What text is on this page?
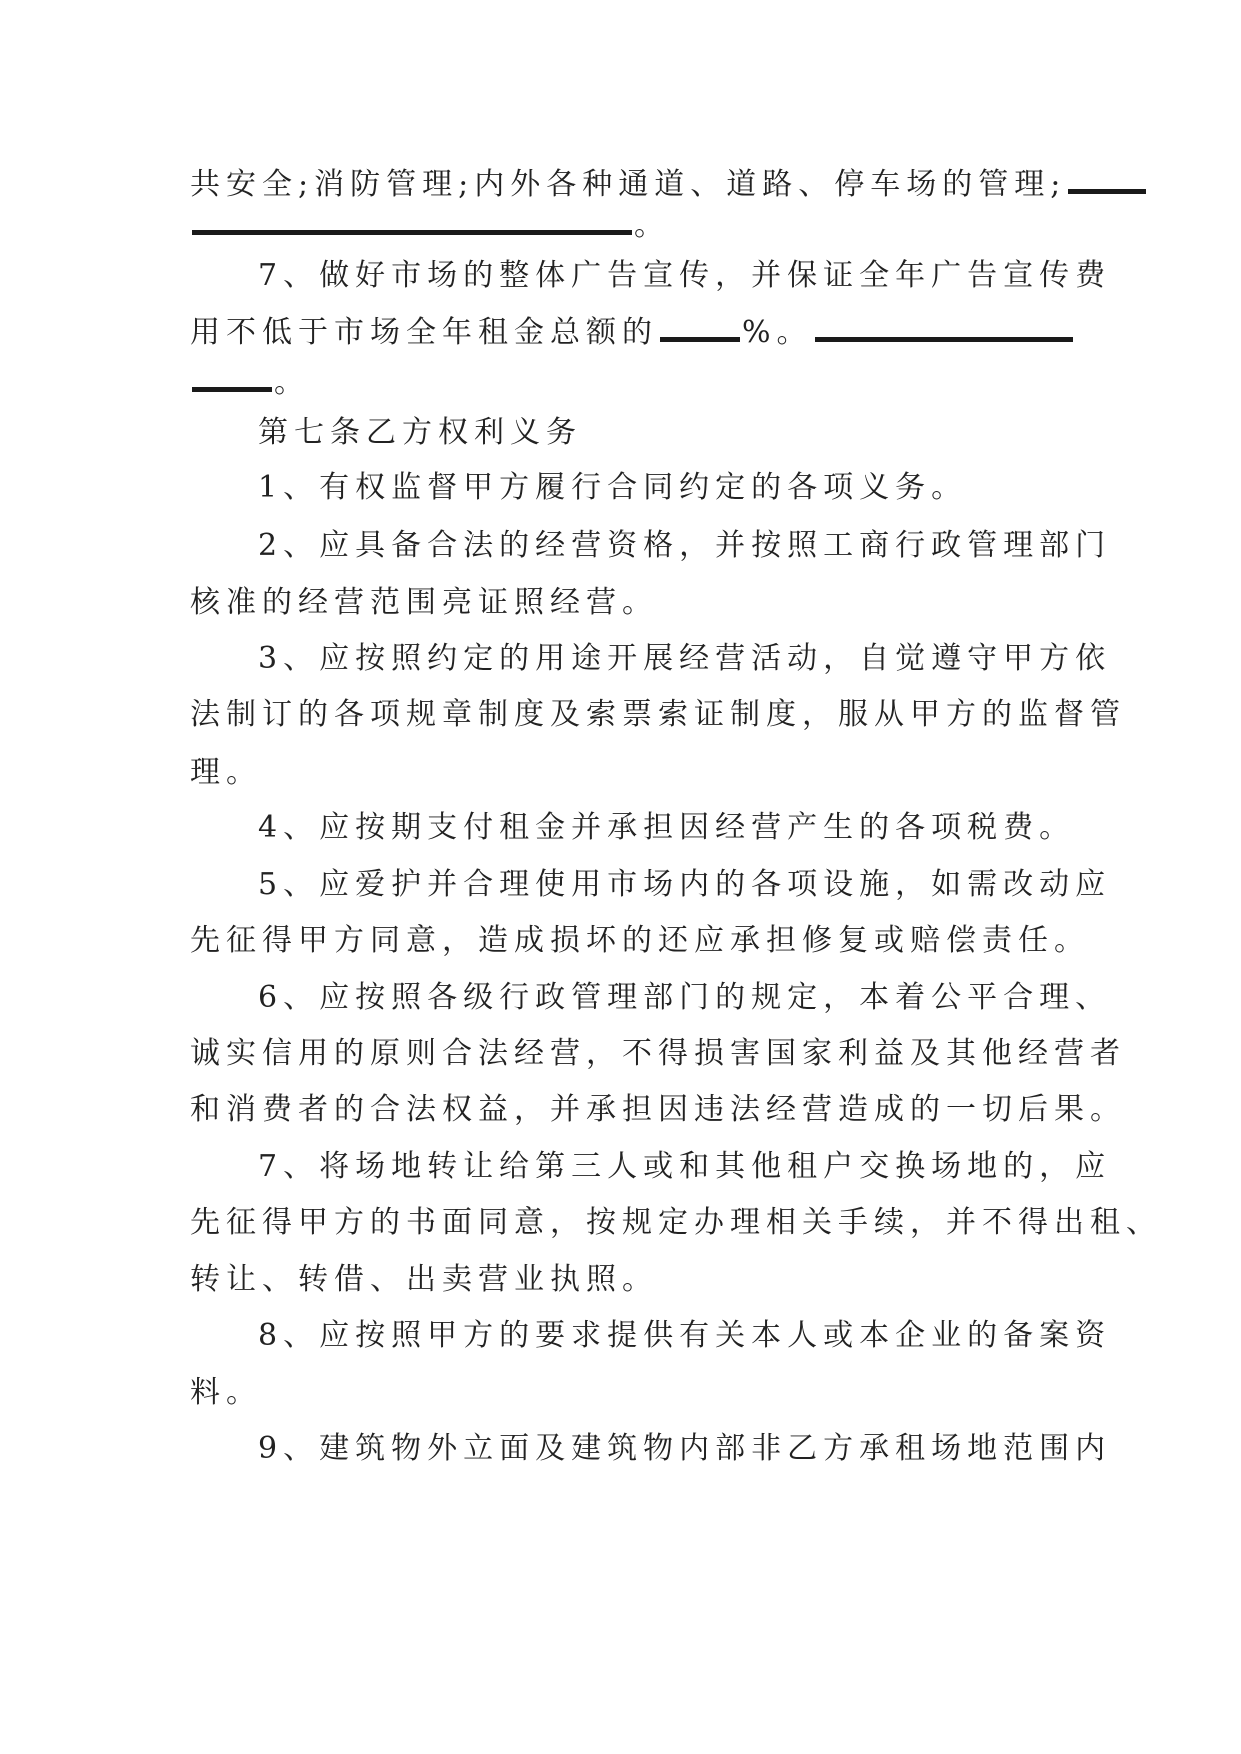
共安全;消防管理;内外各种通道、道路、停车场的管理;
。
7、做好市场的整体广告宣传，并保证全年广告宣传费
用不低于市场全年租金总额的	%。
。
第七条乙方权利义务
1、有权监督甲方履行合同约定的各项义务。
2、应具备合法的经营资格，并按照工商行政管理部门
核准的经营范围亮证照经营。
3、应按照约定的用途开展经营活动，自觉遵守甲方依
法制订的各项规章制度及索票索证制度，服从甲方的监督管
理。
4、应按期支付租金并承担因经营产生的各项税费。
5、应爱护并合理使用市场内的各项设施，如需改动应
先征得甲方同意，造成损坏的还应承担修复或赔偿责任。
6、应按照各级行政管理部门的规定，本着公平合理、
诚实信用的原则合法经营，不得损害国家利益及其他经营者
和消费者的合法权益，并承担因违法经营造成的一切后果。
7、将场地转让给第三人或和其他租户交换场地的，应
先征得甲方的书面同意，按规定办理相关手续，并不得出租、
转让、转借、出卖营业执照。
8、应按照甲方的要求提供有关本人或本企业的备案资
料。
9、建筑物外立面及建筑物内部非乙方承租场地范围内
